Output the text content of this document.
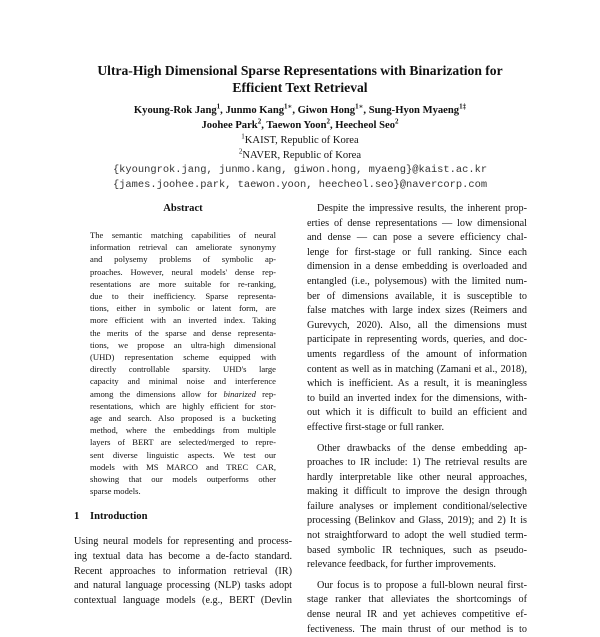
Ultra-High Dimensional Sparse Representations with Binarization for
Efficient Text Retrieval
Kyoung-Rok Jang$^1$, Junmo Kang$^{1∗}$, Giwon Hong$^{1∗}$, Sung-Hyon Myaeng$^{1\ddagger}$
Joohee Park$^2$, Taewon Yoon$^2$, Heecheol Seo$^2$
$^1$KAIST, Republic of Korea
$^2$NAVER, Republic of Korea
{kyoungrok.jang, junmo.kang, giwon.hong, myaeng}@kaist.ac.kr
{james.joohee.park, taewon.yoon, heecheol.seo}@navercorp.com
Abstract
The semantic matching capabilities of neural
information retrieval can ameliorate synonymy
and polysemy problems of symbolic ap-
proaches. However, neural models' dense rep-
resentations are more suitable for re-ranking,
due to their inefficiency. Sparse representa-
tions, either in symbolic or latent form, are
more efficient with an inverted index. Taking
the merits of the sparse and dense representa-
tions, we propose an ultra-high dimensional
(UHD) representation scheme equipped with
directly controllable sparsity. UHD's large
capacity and minimal noise and interference
among the dimensions allow for binarized rep-
resentations, which are highly efficient for stor-
age and search. Also proposed is a bucketing
method, where the embeddings from multiple
layers of BERT are selected/merged to repre-
sent diverse linguistic aspects. We test our
models with MS MARCO and TREC CAR,
showing that our models outperforms other
sparse models.
1 Introduction
Using neural models for representing and process-
ing textual data has become a de-facto standard.
Recent approaches to information retrieval (IR)
and natural language processing (NLP) tasks adopt
contextual language models (e.g., BERT (Devlin
Despite the impressive results, the inherent prop-
erties of dense representations — low dimensional
and dense — can pose a severe efficiency chal-
lenge for first-stage or full ranking. Since each
dimension in a dense embedding is overloaded and
entangled (i.e., polysemous) with the limited num-
ber of dimensions available, it is susceptible to
false matches with large index sizes (Reimers and
Gurevych, 2020). Also, all the dimensions must
participate in representing words, queries, and doc-
uments regardless of the amount of information
content as well as in matching (Zamani et al., 2018),
which is inefficient. As a result, it is meaningless
to build an inverted index for the dimensions, with-
out which it is difficult to build an efficient and
effective first-stage or full ranker.
Other drawbacks of the dense embedding ap-
proaches to IR include: 1) The retrieval results are
hardly interpretable like other neural approaches,
making it difficult to improve the design through
failure analyses or implement conditional/selective
processing (Belinkov and Glass, 2019); and 2) It is
not straightforward to adopt the well studied term-
based symbolic IR techniques, such as pseudo-
relevance feedback, for further improvements.
Our focus is to propose a full-blown neural first-
stage ranker that alleviates the shortcomings of
dense neural IR and yet achieves competitive ef-
fectiveness. The main thrust of our method is to
